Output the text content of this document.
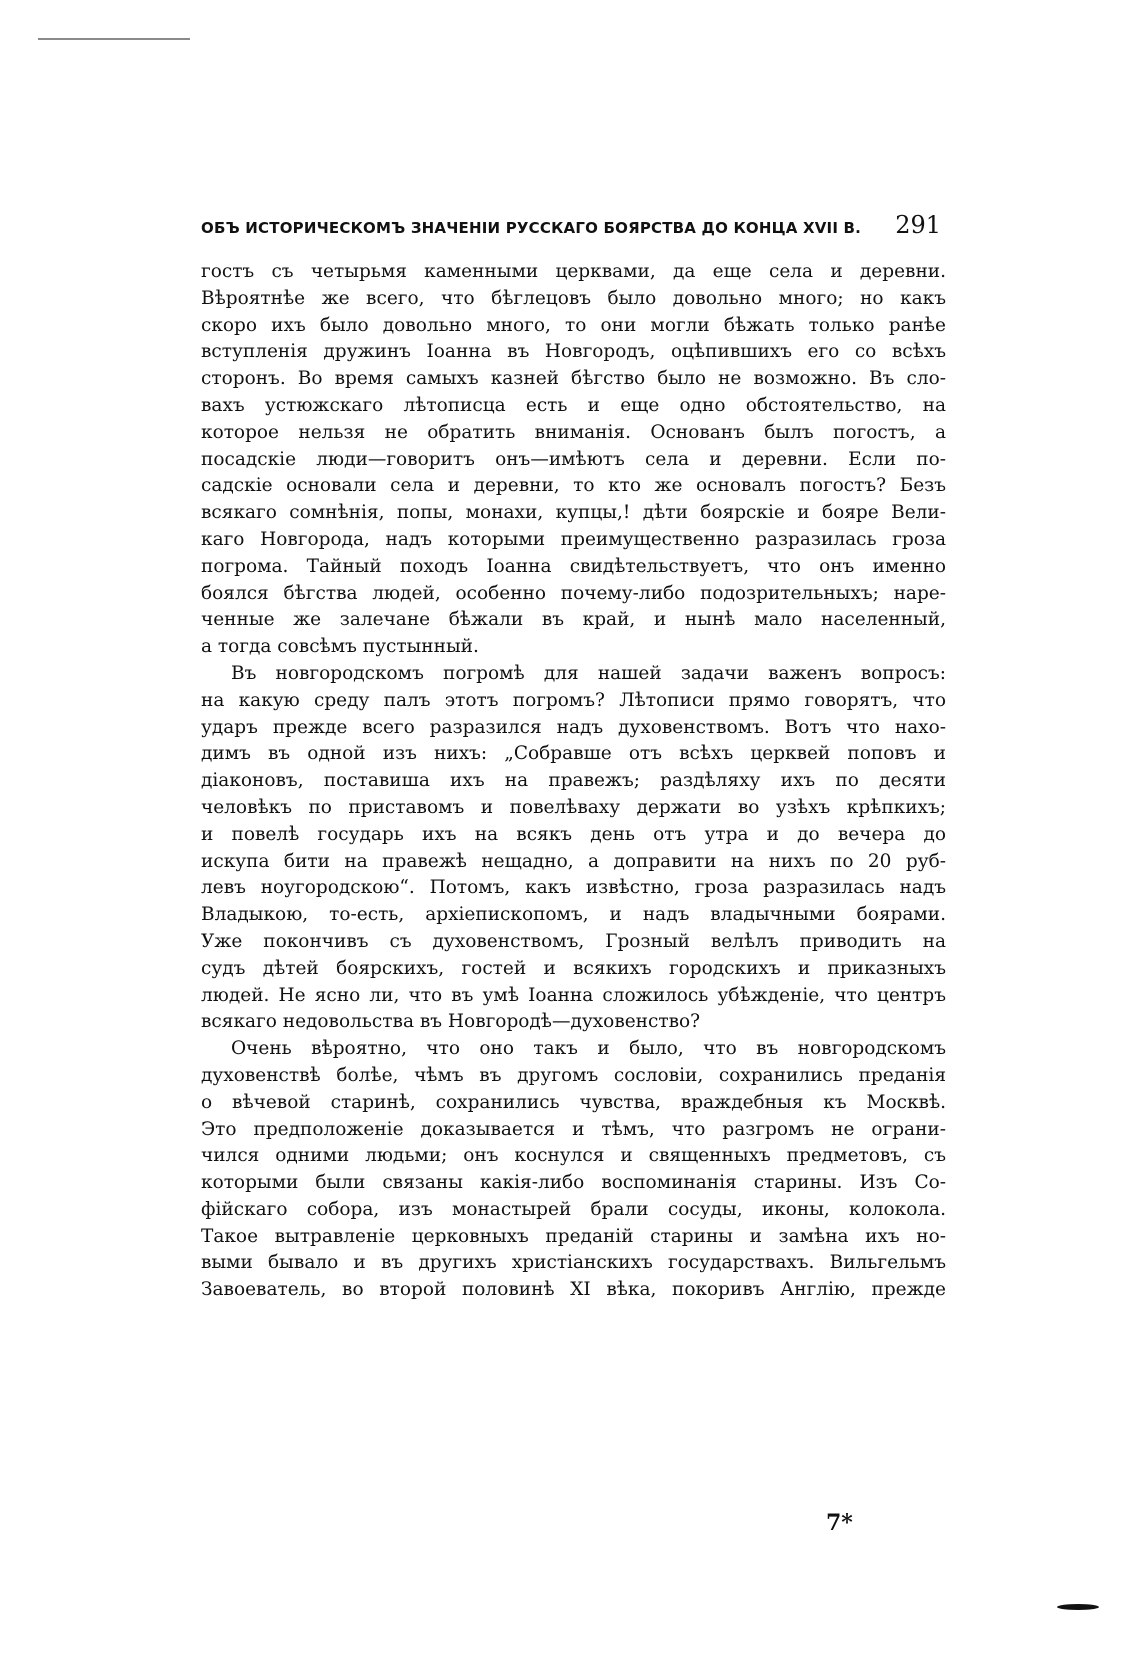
ОБЪ ИСТОРИЧЕСКОМЪ ЗНАЧЕНІИ РУССКАГО БОЯРСТВА ДО КОНЦА XVII В. 291
гостъ съ четырьмя каменными церквами, да еще села и деревни.
Вѣроятнѣе же всего, что бѣглецовъ было довольно много; но какъ
скоро ихъ было довольно много, то они могли бѣжать только ранѣе
вступленія дружинъ Іоанна въ Новгородъ, оцѣпившихъ его со всѣхъ
сторонъ. Во время самыхъ казней бѣгство было не возможно. Въ сло-
вахъ устюжскаго лѣтописца есть и еще одно обстоятельство, на
которое нельзя не обратить вниманія. Основанъ былъ погостъ, а
посадскіе люди—говоритъ онъ—имѣютъ села и деревни. Если по-
садскіе основали села и деревни, то кто же основалъ погостъ? Безъ
всякаго сомнѣнія, попы, монахи, купцы,! дѣти боярскіе и бояре Вели-
каго Новгорода, надъ которыми преимущественно разразилась гроза
погрома. Тайный походъ Іоанна свидѣтельствуетъ, что онъ именно
боялся бѣгства людей, особенно почему-либо подозрительныхъ; наре-
ченные же залечане бѣжали въ край, и нынѣ мало населенный,
а тогда совсѣмъ пустынный.
Въ новгородскомъ погромѣ для нашей задачи важенъ вопросъ:
на какую среду палъ этотъ погромъ? Лѣтописи прямо говорятъ, что
ударъ прежде всего разразился надъ духовенствомъ. Вотъ что нахо-
димъ въ одной изъ нихъ: „Собравше отъ всѣхъ церквей поповъ и
діаконовъ, поставиша ихъ на правежъ; раздѣляху ихъ по десяти
человѣкъ по приставомъ и повелѣваху держати во узѣхъ крѣпкихъ;
и повелѣ государь ихъ на всякъ день отъ утра и до вечера до
искупа бити на правежѣ нещадно, а доправити на нихъ по 20 руб-
левъ ноугородскою“. Потомъ, какъ извѣстно, гроза разразилась надъ
Владыкою, то-есть, архіепископомъ, и надъ владычными боярами.
Уже покончивъ съ духовенствомъ, Грозный велѣлъ приводить на
судъ дѣтей боярскихъ, гостей и всякихъ городскихъ и приказныхъ
людей. Не ясно ли, что въ умѣ Іоанна сложилось убѣжденіе, что центръ
всякаго недовольства въ Новгородѣ—духовенство?
Очень вѣроятно, что оно такъ и было, что въ новгородскомъ
духовенствѣ болѣе, чѣмъ въ другомъ сословіи, сохранились преданія
о вѣчевой старинѣ, сохранились чувства, враждебныя къ Москвѣ.
Это предположеніе доказывается и тѣмъ, что разгромъ не ограни-
чился одними людьми; онъ коснулся и священныхъ предметовъ, съ
которыми были связаны какія-либо воспоминанія старины. Изъ Со-
фійскаго собора, изъ монастырей брали сосуды, иконы, колокола.
Такое вытравленіе церковныхъ преданій старины и замѣна ихъ но-
выми бывало и въ другихъ христіанскихъ государствахъ. Вильгельмъ
Завоеватель, во второй половинѣ XI вѣка, покоривъ Англію, прежде
7*
